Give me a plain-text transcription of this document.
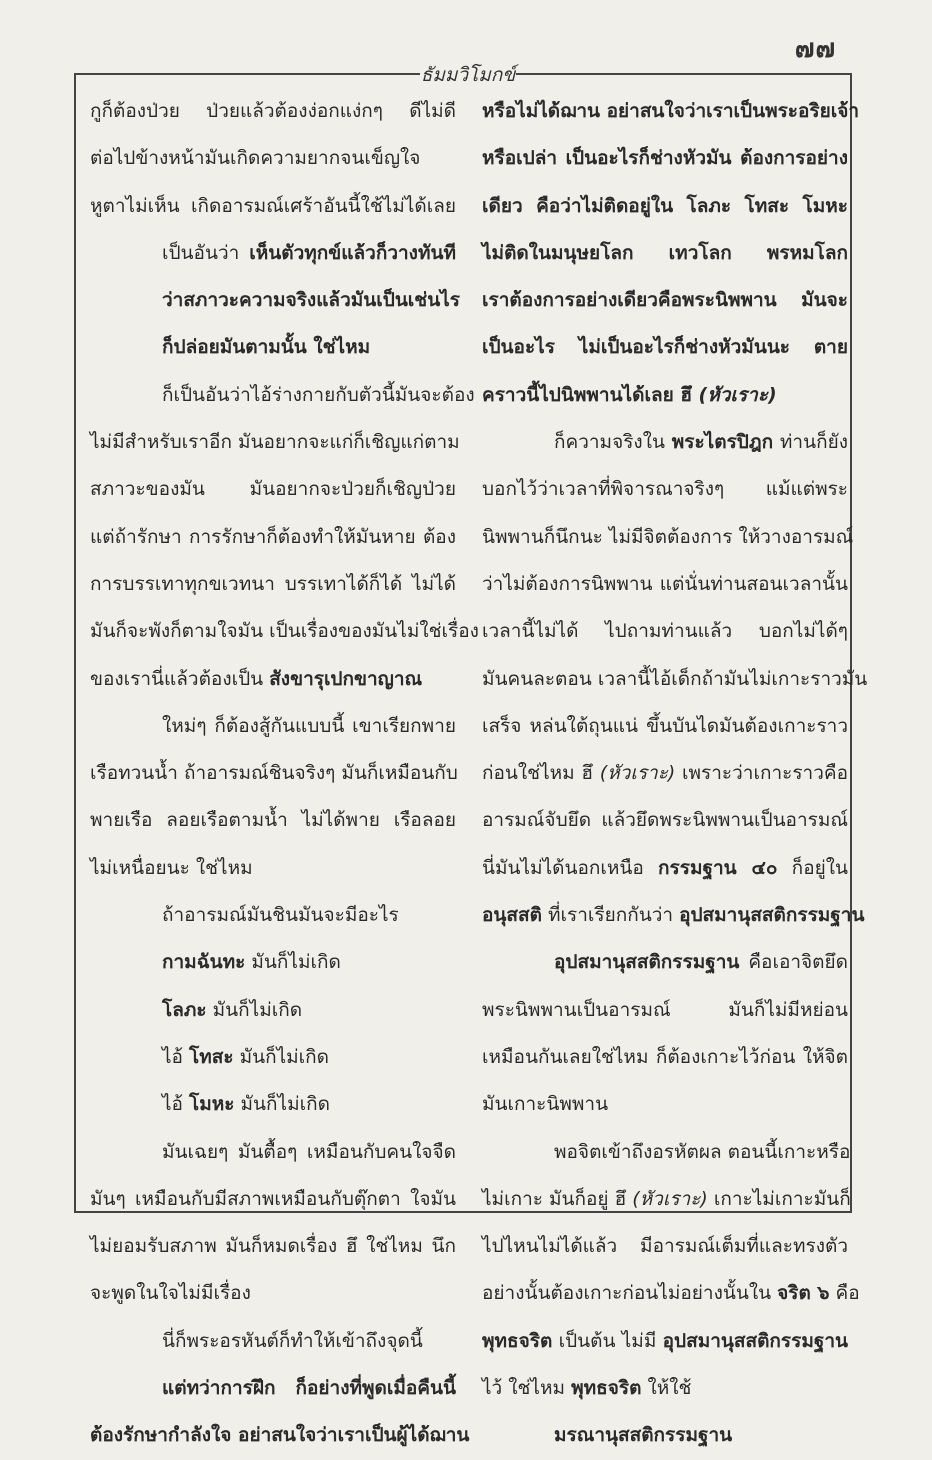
๗๗
ธัมมวิโมกข์
กูก็ต้องป่วย ป่วยแล้วต้องง่อกแง่กๆ ดีไม่ดี
ต่อไปข้างหน้ามันเกิดความยากจนเข็ญใจ
หูตาไม่เห็น เกิดอารมณ์เศร้าอันนี้ใช้ไม่ได้เลย
เป็นอันว่า เห็นตัวทุกข์แล้วก็วางทันที
ว่าสภาวะความจริงแล้วมันเป็นเช่นไร
ก็ปล่อยมันตามนั้น ใช่ไหม
ก็เป็นอันว่าไอ้ร่างกายกับตัวนี้มันจะต้อง
ไม่มีสำหรับเราอีก มันอยากจะแก่ก็เชิญแก่ตาม
สภาวะของมัน มันอยากจะป่วยก็เชิญป่วย
แต่ถ้ารักษา การรักษาก็ต้องทำให้มันหาย ต้อง
การบรรเทาทุกขเวทนา บรรเทาได้ก็ได้ ไม่ได้
มันก็จะพังก็ตามใจมัน เป็นเรื่องของมันไม่ใช่เรื่อง
ของเรานี่แล้วต้องเป็น สังขารุเปกขาญาณ
ใหม่ๆ ก็ต้องสู้กันแบบนี้ เขาเรียกพาย
เรือทวนน้ำ ถ้าอารมณ์ชินจริงๆ มันก็เหมือนกับ
พายเรือ ลอยเรือตามน้ำ ไม่ได้พาย เรือลอย
ไม่เหนื่อยนะ ใช่ไหม
ถ้าอารมณ์มันชินมันจะมีอะไร
กามฉันทะ มันก็ไม่เกิด
โลภะ มันก็ไม่เกิด
ไอ้ โทสะ มันก็ไม่เกิด
ไอ้ โมหะ มันก็ไม่เกิด
มันเฉยๆ มันตื้อๆ เหมือนกับคนใจจืด
มันๆ เหมือนกับมีสภาพเหมือนกับตุ๊กตา ใจมัน
ไม่ยอมรับสภาพ มันก็หมดเรื่อง ฮึ ใช่ไหม นึก
จะพูดในใจไม่มีเรื่อง
นี่ก็พระอรหันต์ก็ทำให้เข้าถึงจุดนี้
แต่ทว่าการฝึก ก็อย่างที่พูดเมื่อคืนนี้
ต้องรักษากำลังใจ อย่าสนใจว่าเราเป็นผู้ได้ฌาน
หรือไม่ได้ฌาน อย่าสนใจว่าเราเป็นพระอริยเจ้า
หรือเปล่า เป็นอะไรก็ช่างหัวมัน ต้องการอย่าง
เดียว คือว่าไม่ติดอยู่ใน โลภะ โทสะ โมหะ
ไม่ติดในมนุษยโลก เทวโลก พรหมโลก
เราต้องการอย่างเดียวคือพระนิพพาน มันจะ
เป็นอะไร ไม่เป็นอะไรก็ช่างหัวมันนะ ตาย
คราวนี้ไปนิพพานได้เลย ฮึ (หัวเราะ)
ก็ความจริงใน พระไตรปิฎก ท่านก็ยัง
บอกไว้ว่าเวลาที่พิจารณาจริงๆ แม้แต่พระ
นิพพานก็นึกนะ ไม่มีจิตต้องการ ให้วางอารมณ์
ว่าไม่ต้องการนิพพาน แต่นั่นท่านสอนเวลานั้น
เวลานี้ไม่ได้ ไปถามท่านแล้ว บอกไม่ได้ๆ
มันคนละตอน เวลานี้ไอ้เด็กถ้ามันไม่เกาะราวมัน
เสร็จ หล่นใต้ถุนแน่ ขึ้นบันไดมันต้องเกาะราว
ก่อนใช่ไหม ฮึ (หัวเราะ) เพราะว่าเกาะราวคือ
อารมณ์จับยึด แล้วยึดพระนิพพานเป็นอารมณ์
นี่มันไม่ได้นอกเหนือ กรรมฐาน ๔๐ ก็อยู่ใน
อนุสสติ ที่เราเรียกกันว่า อุปสมานุสสติกรรมฐาน
อุปสมานุสสติกรรมฐาน คือเอาจิตยึด
พระนิพพานเป็นอารมณ์ มันก็ไม่มีหย่อน
เหมือนกันเลยใช่ไหม ก็ต้องเกาะไว้ก่อน ให้จิต
มันเกาะนิพพาน
พอจิตเข้าถึงอรหัตผล ตอนนี้เกาะหรือ
ไม่เกาะ มันก็อยู่ ฮึ (หัวเราะ) เกาะไม่เกาะมันก็
ไปไหนไม่ได้แล้ว มีอารมณ์เต็มที่และทรงตัว
อย่างนั้นต้องเกาะก่อนไม่อย่างนั้นใน จริต ๖ คือ
พุทธจริต เป็นต้น ไม่มี อุปสมานุสสติกรรมฐาน
ไว้ ใช่ไหม พุทธจริต ให้ใช้
มรณานุสสติกรรมฐาน
